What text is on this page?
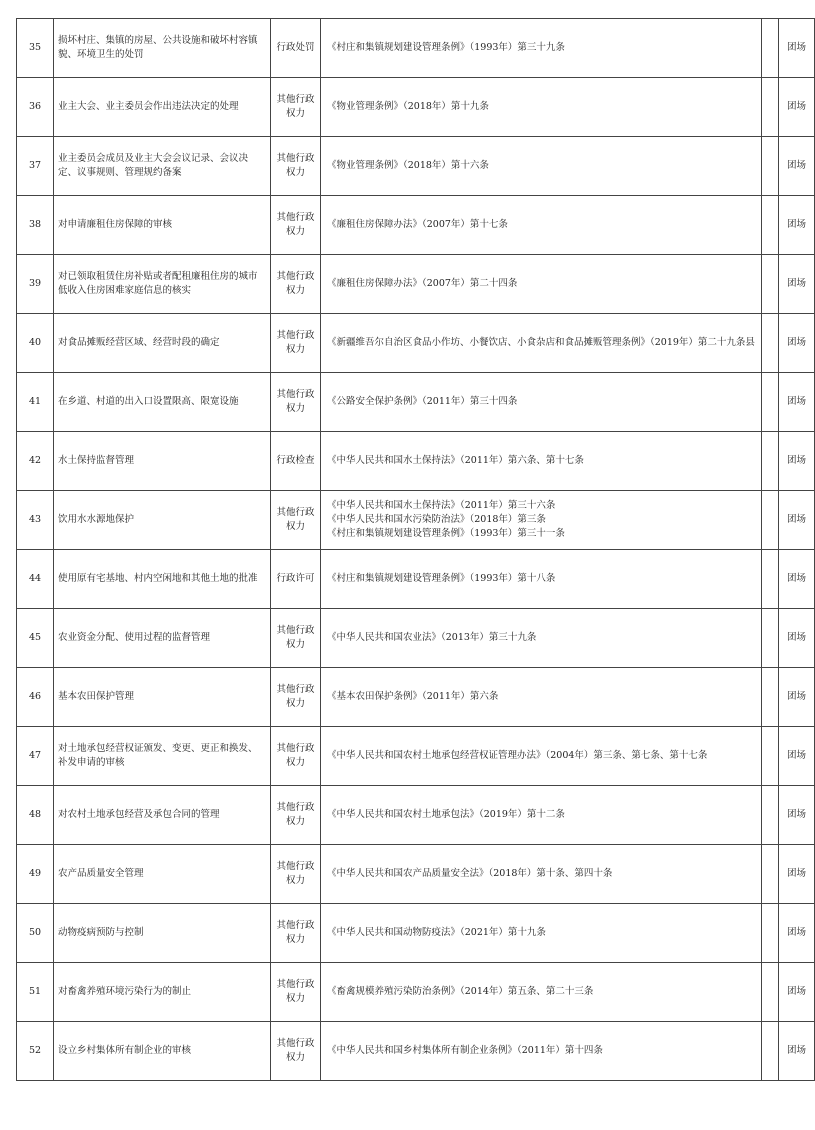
35	损坏村庄、集镇的房屋、公共设施和破坏村容镇貌、环境卫生的处罚	行政处罚	《村庄和集镇规划建设管理条例》（1993年）第三十九条		团场
36	业主大会、业主委员会作出违法决定的处理	其他行政权力	《物业管理条例》（2018年）第十九条		团场
37	业主委员会成员及业主大会会议记录、会议决定、议事规则、管理规约备案	其他行政权力	《物业管理条例》（2018年）第十六条		团场
38	对申请廉租住房保障的审核	其他行政权力	《廉租住房保障办法》（2007年）第十七条		团场
39	对已领取租赁住房补贴或者配租廉租住房的城市低收入住房困难家庭信息的核实	其他行政权力	《廉租住房保障办法》（2007年）第二十四条		团场
40	对食品摊贩经营区域、经营时段的确定	其他行政权力	《新疆维吾尔自治区食品小作坊、小餐饮店、小食杂店和食品摊贩管理条例》（2019年）第二十九条县		团场
41	在乡道、村道的出入口设置限高、限宽设施	其他行政权力	《公路安全保护条例》（2011年）第三十四条		团场
42	水土保持监督管理	行政检查	《中华人民共和国水土保持法》（2011年）第六条、第十七条		团场
43	饮用水水源地保护	其他行政权力	《中华人民共和国水土保持法》（2011年）第三十六条
《中华人民共和国水污染防治法》（2018年）第三条
《村庄和集镇规划建设管理条例》（1993年）第三十一条		团场
44	使用原有宅基地、村内空闲地和其他土地的批准	行政许可	《村庄和集镇规划建设管理条例》（1993年）第十八条		团场
45	农业资金分配、使用过程的监督管理	其他行政权力	《中华人民共和国农业法》（2013年）第三十九条		团场
46	基本农田保护管理	其他行政权力	《基本农田保护条例》（2011年）第六条		团场
47	对土地承包经营权证颁发、变更、更正和换发、补发申请的审核	其他行政权力	《中华人民共和国农村土地承包经营权证管理办法》（2004年）第三条、第七条、第十七条		团场
48	对农村土地承包经营及承包合同的管理	其他行政权力	《中华人民共和国农村土地承包法》（2019年）第十二条		团场
49	农产品质量安全管理	其他行政权力	《中华人民共和国农产品质量安全法》（2018年）第十条、第四十条		团场
50	动物疫病预防与控制	其他行政权力	《中华人民共和国动物防疫法》（2021年）第十九条		团场
51	对畜禽养殖环境污染行为的制止	其他行政权力	《畜禽规模养殖污染防治条例》（2014年）第五条、第二十三条		团场
52	设立乡村集体所有制企业的审核	其他行政权力	《中华人民共和国乡村集体所有制企业条例》（2011年）第十四条		团场
